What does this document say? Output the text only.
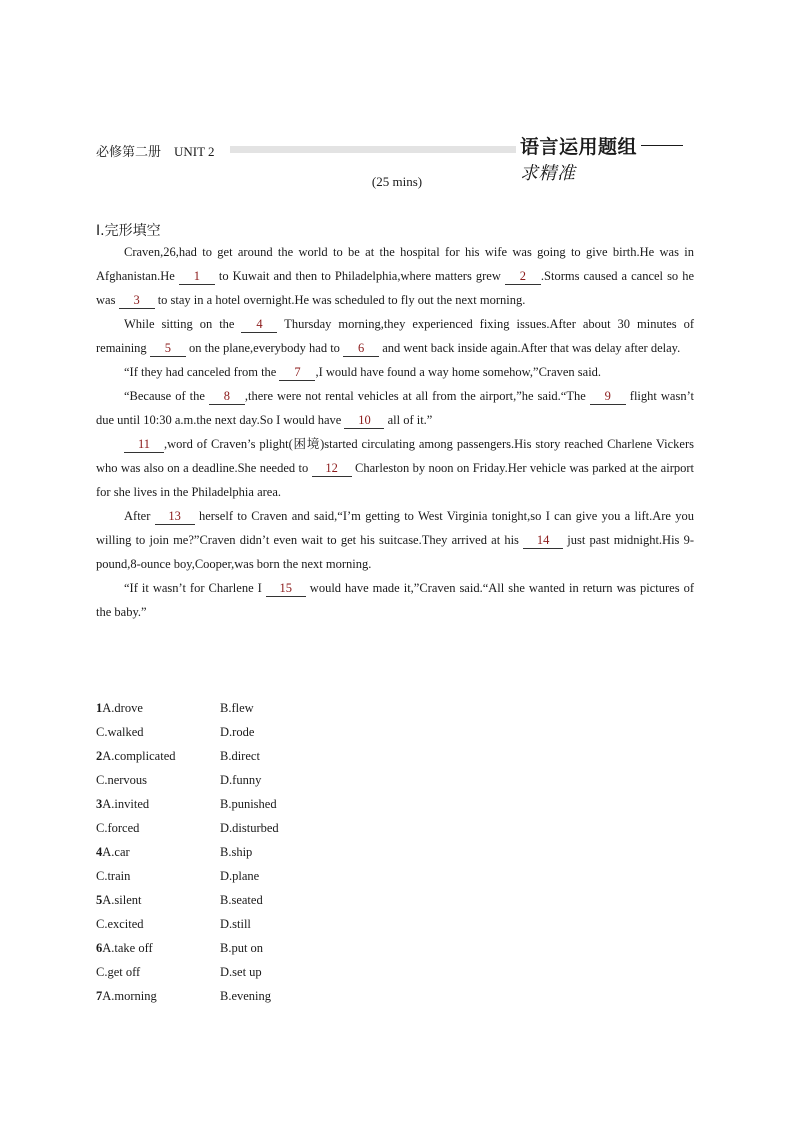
必修第二册　UNIT 2	语言运用题组求精准
(25 mins)
Ⅰ.完形填空

Craven,26,had to get around the world to be at the hospital for his wife was going to give birth.He was in Afghanistan.He 1 to Kuwait and then to Philadelphia,where matters grew 2 .Storms caused a cancel so he was 3 to stay in a hotel overnight.He was scheduled to fly out the next morning.

While sitting on the 4 Thursday morning,they experienced fixing issues.After about 30 minutes of remaining 5 on the plane,everybody had to 6 and went back inside again.After that was delay after delay.

“If they had canceled from the 7 ,I would have found a way home somehow,”Craven said.

“Because of the 8 ,there were not rental vehicles at all from the airport,”he said.“The 9 flight wasn’t due until 10:30 a.m.the next day.So I would have 10 all of it.”

11 ,word of Craven’s plight(困境)started circulating among passengers.His story reached Charlene Vickers who was also on a deadline.She needed to 12 Charleston by noon on Friday.Her vehicle was parked at the airport for she lives in the Philadelphia area.

After 13 herself to Craven and said,“I’m getting to West Virginia tonight,so I can give you a lift.Are you willing to join me?”Craven didn’t even wait to get his suitcase.They arrived at his 14 just past midnight.His 9-pound,8-ounce boy,Cooper,was born the next morning.

“If it wasn’t for Charlene I 15 would have made it,”Craven said.“All she wanted in return was pictures of the baby.”

1A.drove	B.flew
C.walked	D.rode
2A.complicated	B.direct
C.nervous	D.funny
3A.invited	B.punished
C.forced	D.disturbed
4A.car	B.ship
C.train	D.plane
5A.silent	B.seated
C.excited	D.still
6A.take off	B.put on
C.get off	D.set up
7A.morning	B.evening
